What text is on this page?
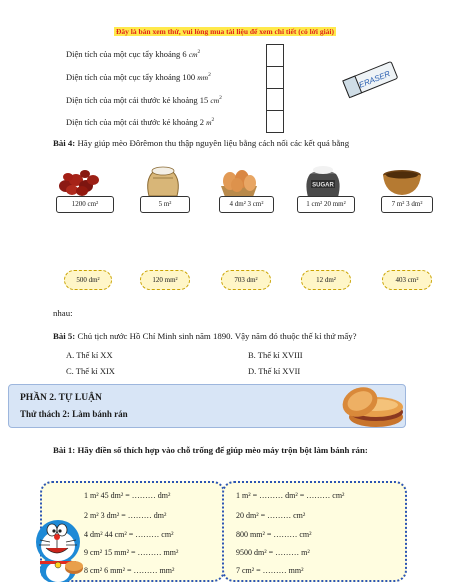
Đây là bản xem thử, vui lòng mua tài liệu để xem chi tiết (có lời giải)
Diện tích của một cục tẩy khoảng 6 $cm^2$
Diện tích của một cục tẩy khoảng 100 $mm^2$
Diện tích của một cái thước kẻ khoảng 15 $cm^2$
Diện tích của một cái thước kẻ khoảng 2 $m^2$
ERASER
Bài 4: Hãy giúp mèo Đôrêmon thu thập nguyên liệu bằng cách nối các kết quả bằng
SUGAR
1200 cm²	5 m²	4 dm² 3 cm²	1 cm² 20 mm²	7 m² 3 dm²
500 dm²	120 mm²	703 dm²	12 dm²	403 cm²
nhau:
Bài 5: Chủ tịch nước Hồ Chí Minh sinh năm 1890. Vậy năm đó thuộc thế kỉ thứ mấy?
A. Thế kỉ XX	B. Thế kỉ XVIII
C. Thế kỉ XIX	D. Thế kỉ XVII
PHẦN 2. TỰ LUẬN
Thử thách 2: Làm bánh rán
Bài 1: Hãy điền số thích hợp vào chỗ trống để giúp mèo máy trộn bột làm bánh rán:
1 m² 45 dm² = ……… dm²
2 m² 3 dm² = ……… dm²
4 dm² 44 cm² = ……… cm²
9 cm² 15 mm² = ……… mm²
8 cm² 6 mm² = ……… mm²
1 m² = ……… dm² = ……… cm²
20 dm² = ……… cm²
800 mm² = ……… cm²
9500 dm² = ……… m²
7 cm² = ……… mm²
